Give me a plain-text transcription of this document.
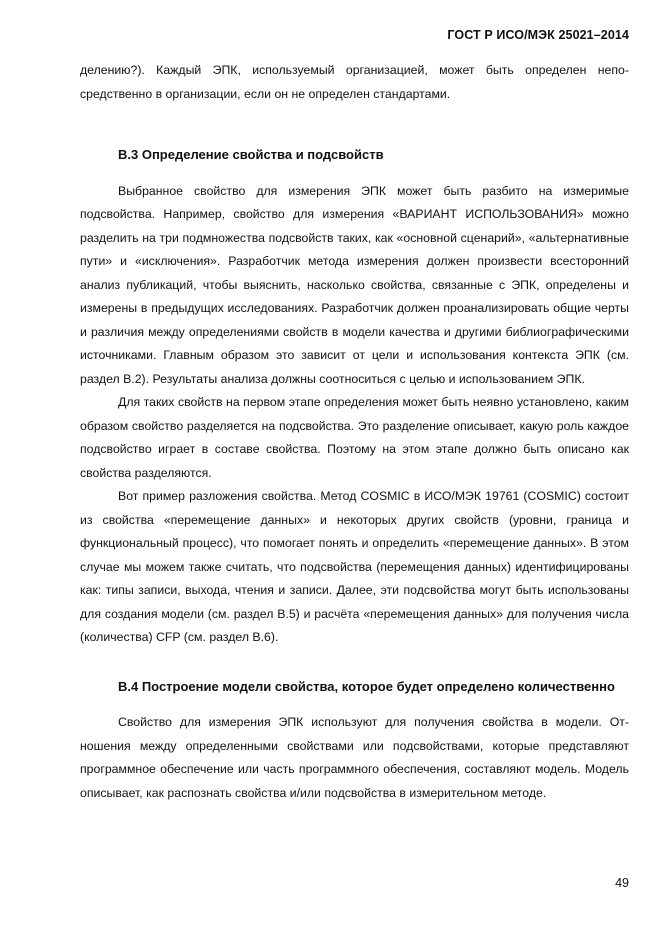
ГОСТ Р ИСО/МЭК 25021–2014

делению?). Каждый ЭПК, используемый организацией, может быть определен непосредственно в организации, если он не определен стандартами.

В.3 Определение свойства и подсвойств

Выбранное свойство для измерения ЭПК может быть разбито на измеримые подсвойства. Например, свойство для измерения «ВАРИАНТ ИСПОЛЬЗОВАНИЯ» можно разделить на три подмножества подсвойств таких, как «основной сценарий», «альтернативные пути» и «исключения». Разработчик метода измерения должен произвести всесторонний анализ публикаций, чтобы выяснить, насколько свойства, связанные с ЭПК, определены и измерены в предыдущих исследованиях. Разработчик должен проанализировать общие черты и различия между определениями свойств в модели качества и другими библиографическими источниками. Главным образом это зависит от цели и использования контекста ЭПК (см. раздел В.2). Результаты анализа должны соотноситься с целью и использованием ЭПК.

Для таких свойств на первом этапе определения может быть неявно установлено, каким образом свойство разделяется на подсвойства. Это разделение описывает, какую роль каждое подсвойство играет в составе свойства. Поэтому на этом этапе должно быть описано как свойства разделяются.

Вот пример разложения свойства. Метод COSMIC в ИСО/МЭК 19761 (COSMIC) состоит из свойства «перемещение данных» и некоторых других свойств (уровни, граница и функциональный процесс), что помогает понять и определить «перемещение данных». В этом случае мы можем также считать, что подсвойства (перемещения данных) идентифицированы как: типы записи, выхода, чтения и записи. Далее, эти подсвойства могут быть использованы для создания модели (см. раздел В.5) и расчёта «перемещения данных» для получения числа (количества) CFP (см. раздел В.6).

В.4 Построение модели свойства, которое будет определено количественно

Свойство для измерения ЭПК используют для получения свойства в модели. Отношения между определенными свойствами или подсвойствами, которые представляют программное обеспечение или часть программного обеспечения, составляют модель. Модель описывает, как распознать свойства и/или подсвойства в измерительном методе.

49
